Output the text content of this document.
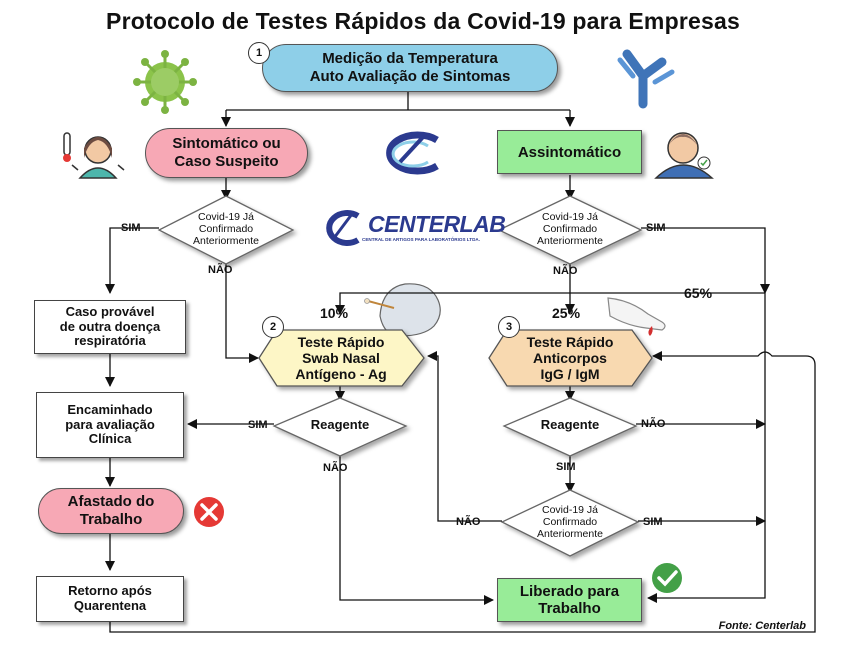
Protocolo de Testes Rápidos da Covid-19 para Empresas
Medição da Temperatura
Auto Avaliação de Sintomas
1
Sintomático ou
Caso Suspeito
Assintomático
CENTERLAB
CENTRAL DE ARTIGOS PARA LABORATÓRIOS LTDA.
Covid-19 Já
Confirmado
Anteriormente
Covid-19 Já
Confirmado
Anteriormente
SIM
NÃO
SIM
NÃO
10%	25%
65%
Caso provável
de outra doença
respiratória	Teste Rápido
Swab Nasal
Antígeno - Ag
2
Teste Rápido
Anticorpos
IgG / IgM
3
Encaminhado
para avaliação
Clínica
Reagente	Reagente
SIM
NÃO
NÃO
SIM
Afastado do
Trabalho
Covid-19 Já
Confirmado
Anteriormente
NÃO	SIM
Retorno após
Quarentena
Liberado para
Trabalho
Fonte: Centerlab
